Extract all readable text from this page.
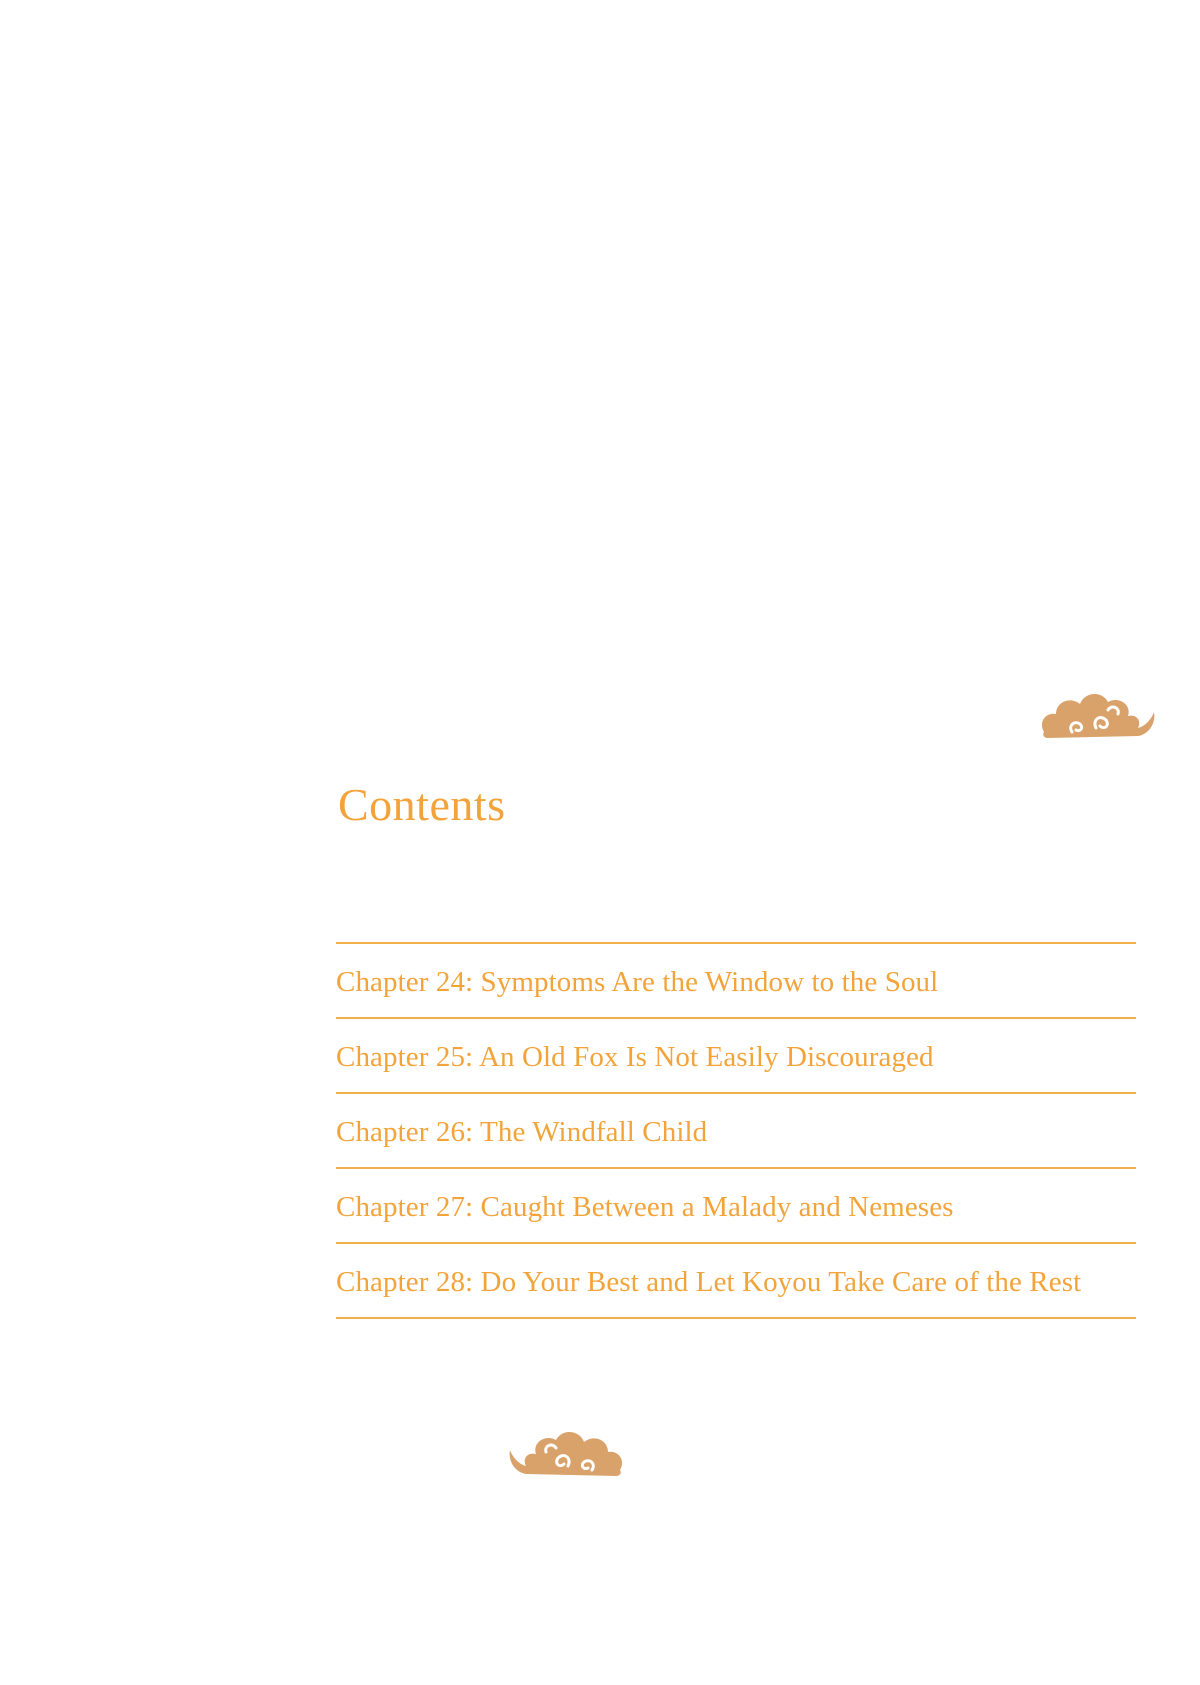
Contents
Chapter 24: Symptoms Are the Window to the Soul
Chapter 25: An Old Fox Is Not Easily Discouraged
Chapter 26: The Windfall Child
Chapter 27: Caught Between a Malady and Nemeses
Chapter 28: Do Your Best and Let Koyou Take Care of the Rest
